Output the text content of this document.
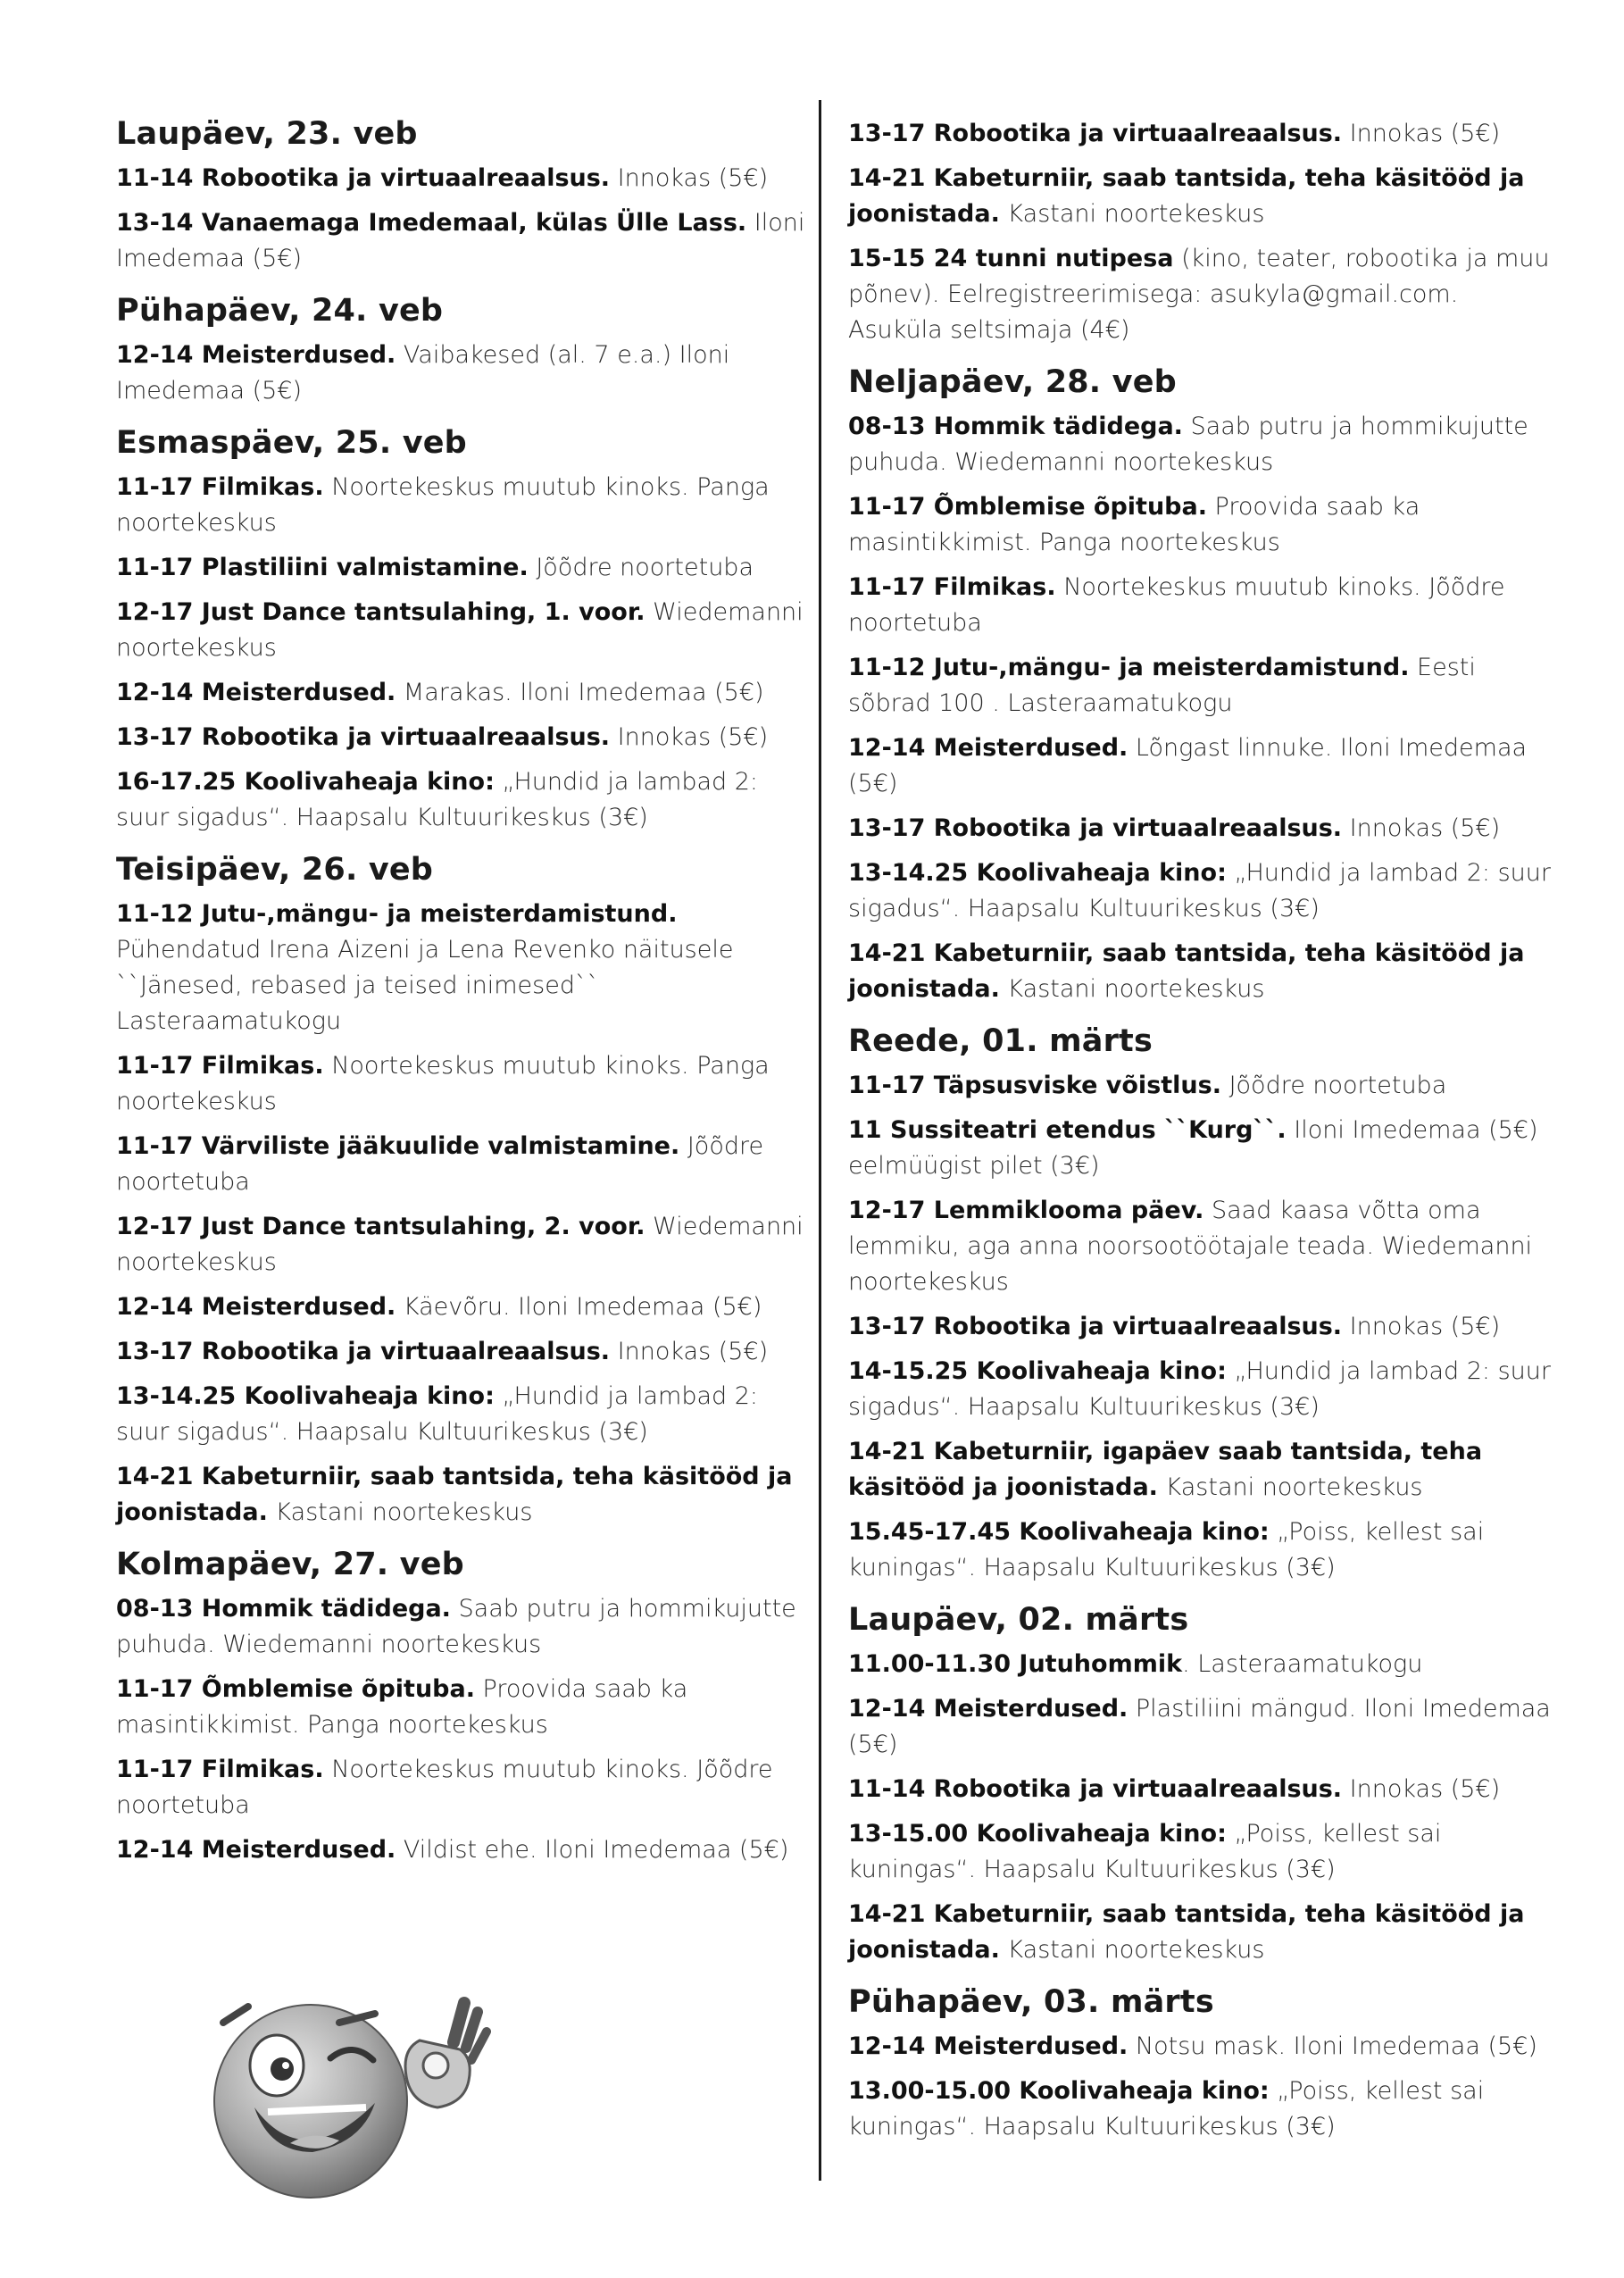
Laupäev, 23. veb
11-14 Robootika ja virtuaalreaalsus. Innokas (5€)
13-14 Vanaemaga Imedemaal, külas Ülle Lass. Iloni Imedemaa (5€)
Pühapäev, 24. veb
12-14 Meisterdused. Vaibakesed (al. 7 e.a.) Iloni Imedemaa (5€)
Esmaspäev, 25. veb
11-17 Filmikas. Noortekeskus muutub kinoks. Panga noortekeskus
11-17 Plastiliini valmistamine. Jõõdre noortetuba
12-17 Just Dance tantsulahing, 1. voor. Wiedemanni noortekeskus
12-14 Meisterdused. Marakas. Iloni Imedemaa (5€)
13-17 Robootika ja virtuaalreaalsus. Innokas (5€)
16-17.25 Koolivaheaja kino: „Hundid ja lambad 2: suur sigadus“. Haapsalu Kultuurikeskus (3€)
Teisipäev, 26. veb
11-12 Jutu-,mängu- ja meisterdamistund. Pühendatud Irena Aizeni ja Lena Revenko näitusele ``Jänesed, rebased ja teised inimesed`` Lasteraamatukogu
11-17 Filmikas. Noortekeskus muutub kinoks. Panga noortekeskus
11-17 Värviliste jääkuulide valmistamine. Jõõdre noortetuba
12-17 Just Dance tantsulahing, 2. voor. Wiedemanni noortekeskus
12-14 Meisterdused. Käevõru. Iloni Imedemaa (5€)
13-17 Robootika ja virtuaalreaalsus. Innokas (5€)
13-14.25 Koolivaheaja kino: „Hundid ja lambad 2: suur sigadus“. Haapsalu Kultuurikeskus (3€)
14-21 Kabeturniir, saab tantsida, teha käsitööd ja joonistada. Kastani noortekeskus
Kolmapäev, 27. veb
08-13 Hommik tädidega. Saab putru ja hommikujutte puhuda. Wiedemanni noortekeskus
11-17 Õmblemise õpituba. Proovida saab ka masintikkimist. Panga noortekeskus
11-17 Filmikas. Noortekeskus muutub kinoks. Jõõdre noortetuba
12-14 Meisterdused. Vildist ehe. Iloni Imedemaa (5€)
13-17 Robootika ja virtuaalreaalsus. Innokas (5€)
14-21 Kabeturniir, saab tantsida, teha käsitööd ja joonistada. Kastani noortekeskus
15-15 24 tunni nutipesa (kino, teater, robootika ja muu põnev). Eelregistreerimisega: asukyla@gmail.com. Asuküla seltsimaja (4€)
Neljapäev, 28. veb
08-13 Hommik tädidega. Saab putru ja hommikujutte puhuda. Wiedemanni noortekeskus
11-17 Õmblemise õpituba. Proovida saab ka masintikkimist. Panga noortekeskus
11-17 Filmikas. Noortekeskus muutub kinoks. Jõõdre noortetuba
11-12 Jutu-,mängu- ja meisterdamistund. Eesti sõbrad 100 . Lasteraamatukogu
12-14 Meisterdused. Lõngast linnuke. Iloni Imedemaa (5€)
13-17 Robootika ja virtuaalreaalsus. Innokas (5€)
13-14.25 Koolivaheaja kino: „Hundid ja lambad 2: suur sigadus“. Haapsalu Kultuurikeskus (3€)
14-21 Kabeturniir, saab tantsida, teha käsitööd ja joonistada. Kastani noortekeskus
Reede, 01. märts
11-17 Täpsusviske võistlus. Jõõdre noortetuba
11 Sussiteatri etendus ``Kurg``. Iloni Imedemaa (5€) eelmüügist pilet (3€)
12-17 Lemmiklooma päev. Saad kaasa võtta oma lemmiku, aga anna noorsootöötajale teada. Wiedemanni noortekeskus
13-17 Robootika ja virtuaalreaalsus. Innokas (5€)
14-15.25 Koolivaheaja kino: „Hundid ja lambad 2: suur sigadus“. Haapsalu Kultuurikeskus (3€)
14-21 Kabeturniir, igapäev saab tantsida, teha käsitööd ja joonistada. Kastani noortekeskus
15.45-17.45 Koolivaheaja kino: „Poiss, kellest sai kuningas“. Haapsalu Kultuurikeskus (3€)
Laupäev, 02. märts
11.00-11.30 Jutuhommik. Lasteraamatukogu
12-14 Meisterdused. Plastiliini mängud. Iloni Imedemaa (5€)
11-14 Robootika ja virtuaalreaalsus. Innokas (5€)
13-15.00 Koolivaheaja kino: „Poiss, kellest sai kuningas“. Haapsalu Kultuurikeskus (3€)
14-21 Kabeturniir, saab tantsida, teha käsitööd ja joonistada. Kastani noortekeskus
Pühapäev, 03. märts
12-14 Meisterdused. Notsu mask. Iloni Imedemaa (5€)
13.00-15.00 Koolivaheaja kino: „Poiss, kellest sai kuningas“. Haapsalu Kultuurikeskus (3€)
